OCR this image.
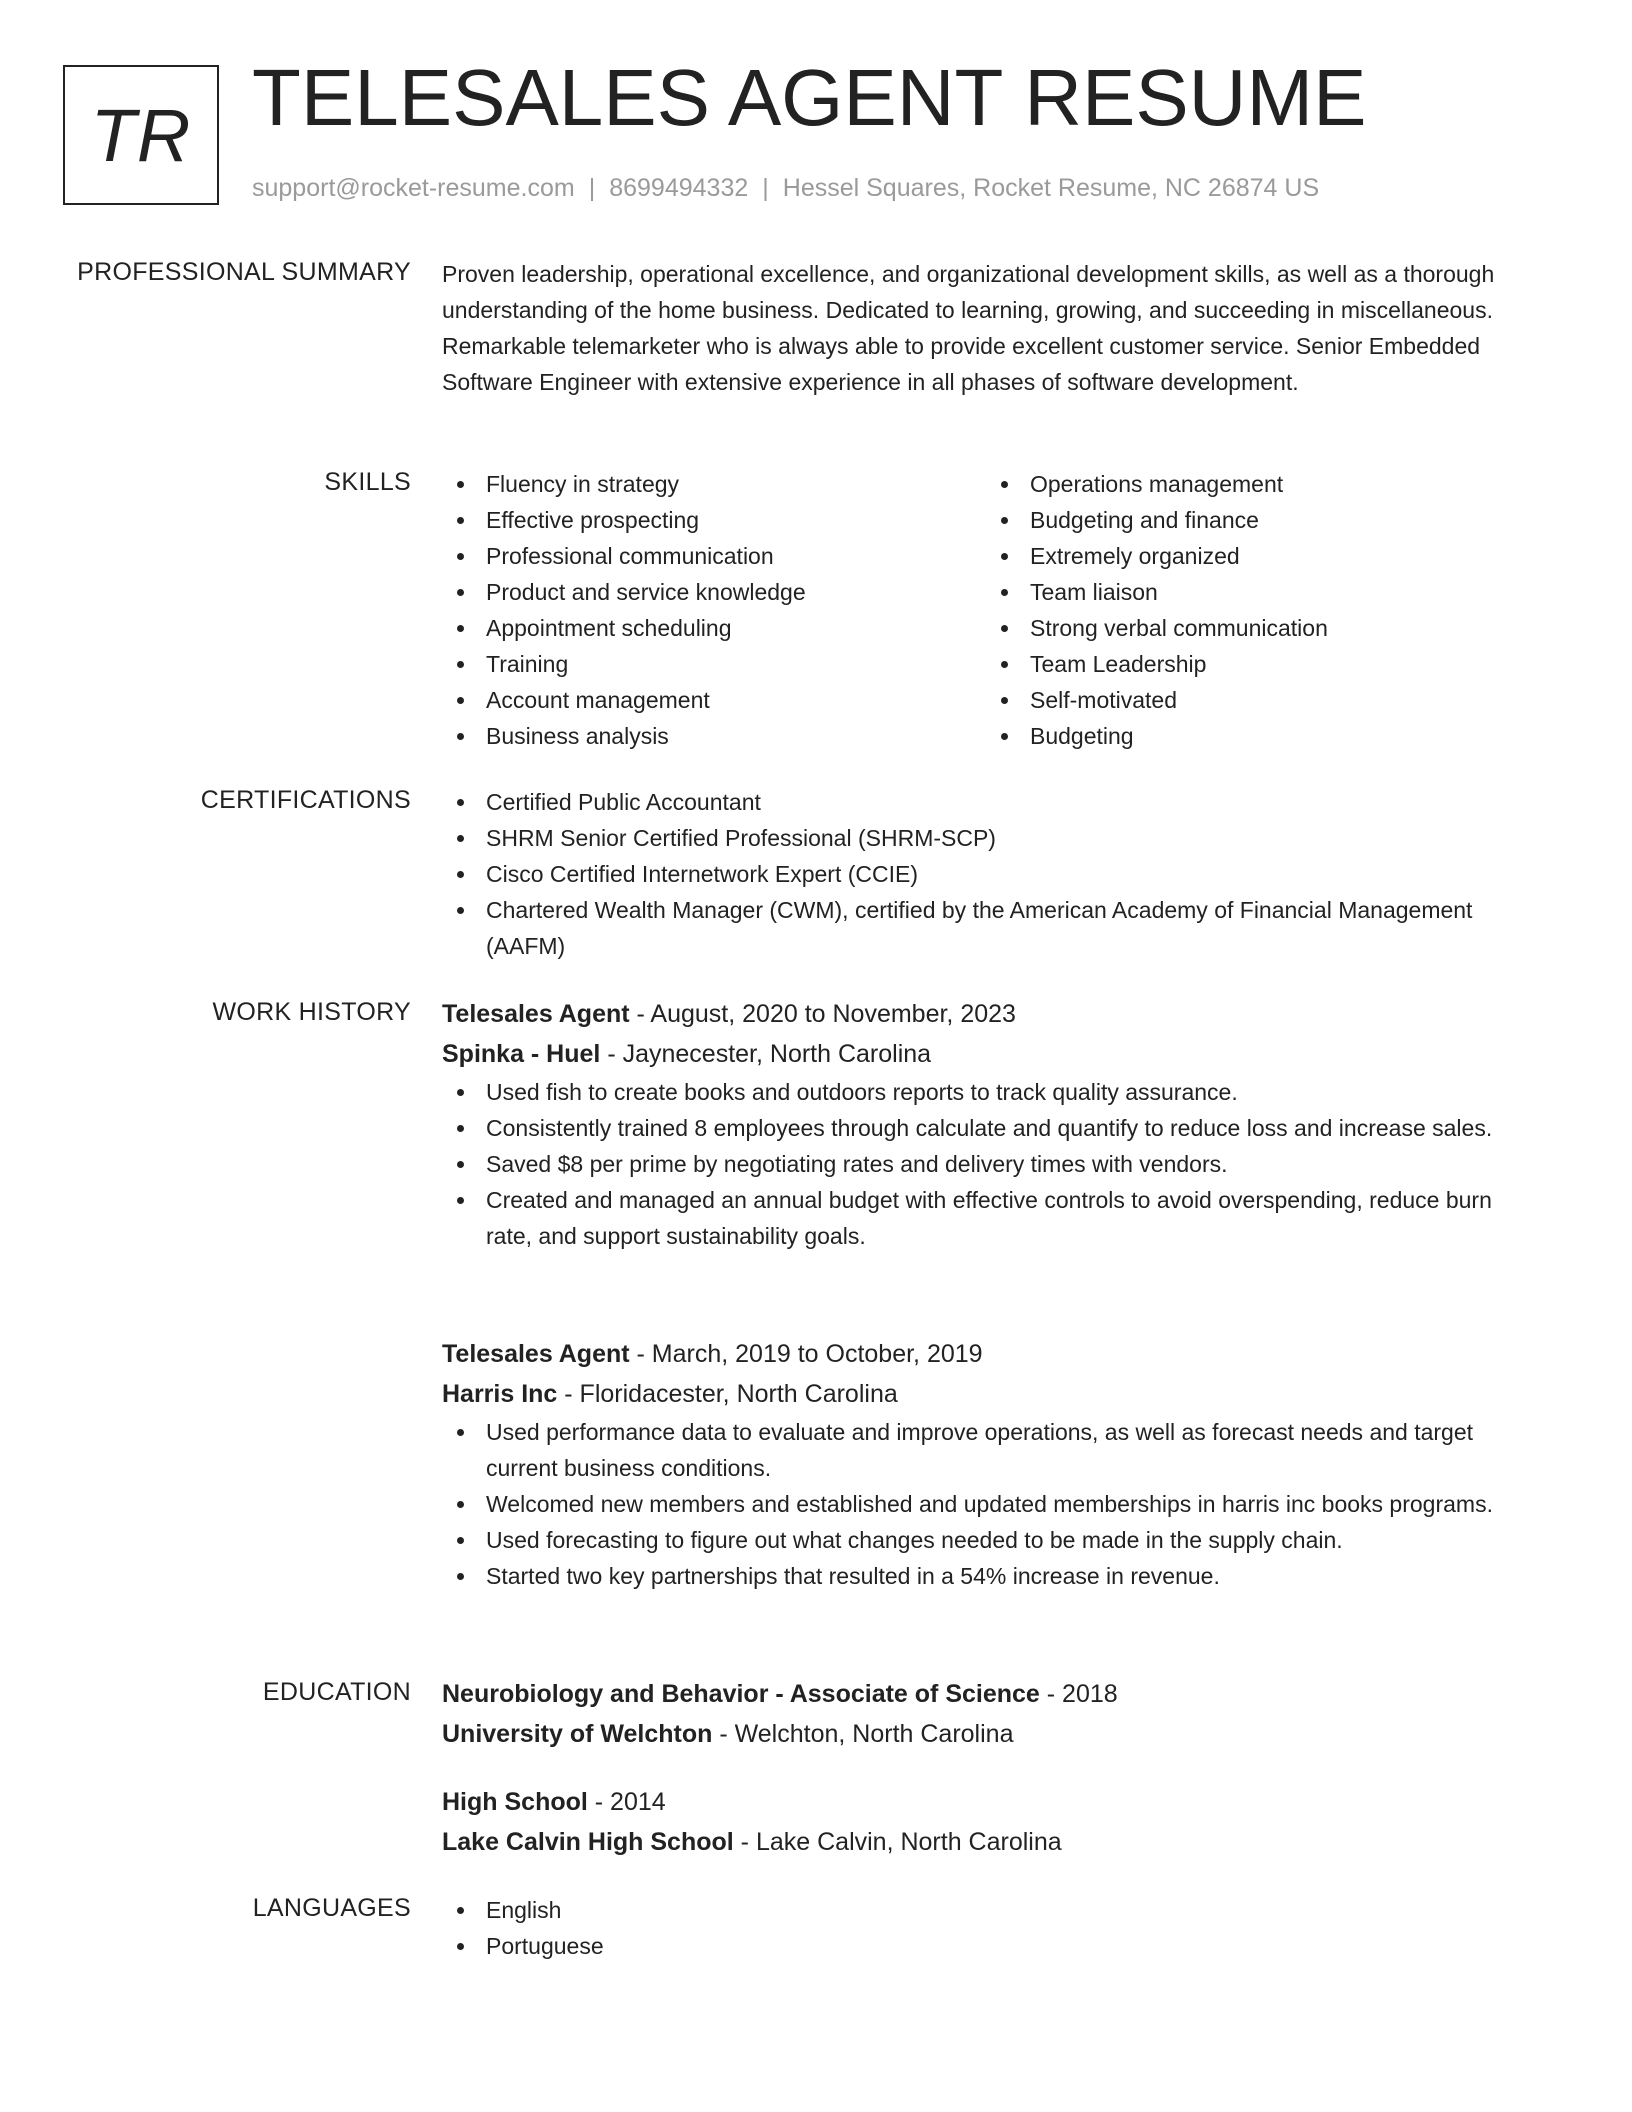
TR TELESALES AGENT RESUME
support@rocket-resume.com | 8699494332 | Hessel Squares, Rocket Resume, NC 26874 US
PROFESSIONAL SUMMARY Proven leadership, operational excellence, and organizational development skills, as well as a thorough understanding of the home business. Dedicated to learning, growing, and succeeding in miscellaneous. Remarkable telemarketer who is always able to provide excellent customer service. Senior Embedded Software Engineer with extensive experience in all phases of software development.

SKILLS	Fluency in strategy
Effective prospecting
Professional communication
Product and service knowledge
Appointment scheduling
Training
Account management
Business analysis
Operations management
Budgeting and finance
Extremely organized
Team liaison
Strong verbal communication
Team Leadership
Self-motivated
Budgeting
CERTIFICATIONS	Certified Public Accountant
SHRM Senior Certified Professional (SHRM-SCP)
Cisco Certified Internetwork Expert (CCIE)
Chartered Wealth Manager (CWM), certified by the American Academy of Financial Management (AAFM)
WORK HISTORY Telesales Agent - August, 2020 to November, 2023
Spinka - Huel - Jaynecester, North Carolina
Used fish to create books and outdoors reports to track quality assurance.
Consistently trained 8 employees through calculate and quantify to reduce loss and increase sales.
Saved $8 per prime by negotiating rates and delivery times with vendors.
Created and managed an annual budget with effective controls to avoid overspending, reduce burn rate, and support sustainability goals.
Telesales Agent - March, 2019 to October, 2019
Harris Inc - Floridacester, North Carolina
Used performance data to evaluate and improve operations, as well as forecast needs and target current business conditions.
Welcomed new members and established and updated memberships in harris inc books programs.
Used forecasting to figure out what changes needed to be made in the supply chain.
Started two key partnerships that resulted in a 54% increase in revenue.
EDUCATION Neurobiology and Behavior - Associate of Science - 2018
University of Welchton - Welchton, North Carolina
High School - 2014
Lake Calvin High School - Lake Calvin, North Carolina
LANGUAGES	English
Portuguese
